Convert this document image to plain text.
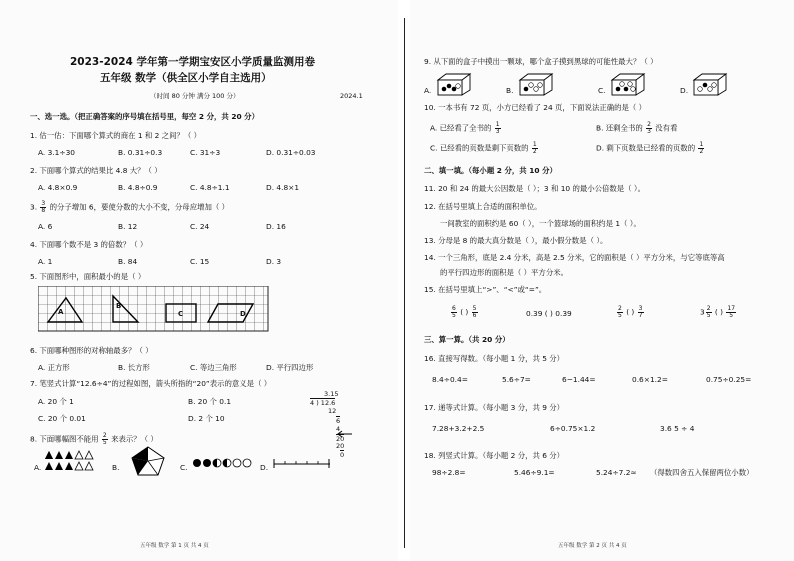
2023-2024 学年第一学期宝安区小学质量监测用卷
五年级 数学（供全区小学自主选用）
（时间 80 分钟 满分 100 分）	2024.1
一、选一选。（把正确答案的序号填在括号里，每空 2 分，共 20 分）
1. 估一估：下面哪个算式的商在 1 和 2 之间？（ ）
A. 3.1÷30	B. 0.31÷0.3	C. 31÷3	D. 0.31÷0.03
2. 下面哪个算式的结果比 4.8 大？（ ）
A. 4.8×0.9	B. 4.8÷0.9	C. 4.8÷1.1	D. 4.8×1
3. $\frac{3}{8}$ 的分子增加 6，要使分数的大小不变，分母应增加（ ）
A. 6	B. 12	C. 24	D. 16
4. 下面哪个数不是 3 的倍数？（ ）
A. 1	B. 84	C. 15	D. 3
5. 下面图形中，面积最小的是（ ）
A
B
C	D
6. 下面哪种图形的对称轴最多？（ ）
A. 正方形	B. 长方形	C. 等边三角形	D. 平行四边形
7. 笔竖式计算“12.6÷4”的过程如图，箭头所指的“20”表示的意义是（ ）
A. 20 个 1	B. 20 个 0.1
C. 20 个 0.01	D. 2 个 10
3.15
4 ) 12.6
12
6
4
20
20
0
8. 下面哪幅图不能用 $\frac{2}{5}$ 来表示？（ ）
A.	B.	C.	D.
五年级 数学 第 1 页 共 4 页
9. 从下面的盒子中摸出一颗球，哪个盒子摸到黑球的可能性最大？（ ）
A.	B.	C.	D.
10. 一本书有 72 页，小方已经看了 24 页，下面说法正确的是（ ）
A. 已经看了全书的 $\frac{1}{3}$	B. 还剩全书的 $\frac{2}{3}$ 没有看
C. 已经看的页数是剩下页数的 $\frac{1}{2}$	D. 剩下页数是已经看的页数的 $\frac{1}{2}$
二、填一填。（每小题 2 分，共 10 分）
11. 20 和 24 的最大公因数是（ ）；3 和 10 的最小公倍数是（ ）。
12. 在括号里填上合适的面积单位。
一间教室的面积约是 60（ ），一个篮球场的面积约是 1（ ）。
13. 分母是 8 的最大真分数是（ ），最小假分数是（ ）。
14. 一个三角形，底是 2.4 分米，高是 2.5 分米，它的面积是（ ）平方分米，与它等底等高
的平行四边形的面积是（ ）平方分米。
15. 在括号里填上“>”、“<”或“=”。
$\frac{6}{5}$ ( ) $\frac{5}{6}$	0.39 ( ) 0.39	$\frac{2}{5}$ ( ) $\frac{3}{7}$	$3 \frac{2}{5}$ ( ) $\frac{17}{5}$
三、算一算。（共 20 分）
16. 直接写得数。（每小题 1 分，共 5 分）
8.4÷0.4=	5.6÷7=	6−1.44=	0.6×1.2=	0.75÷0.25=
17. 递等式计算。（每小题 3 分，共 9 分）
7.28+3.2+2.5	6÷0.75×1.2	3.6 5 ÷ 4
18. 列竖式计算。（每小题 2 分，共 6 分）
98÷2.8=	5.46÷9.1=	5.24÷7.2≈ （得数四舍五入保留两位小数）
五年级 数学 第 2 页 共 4 页
